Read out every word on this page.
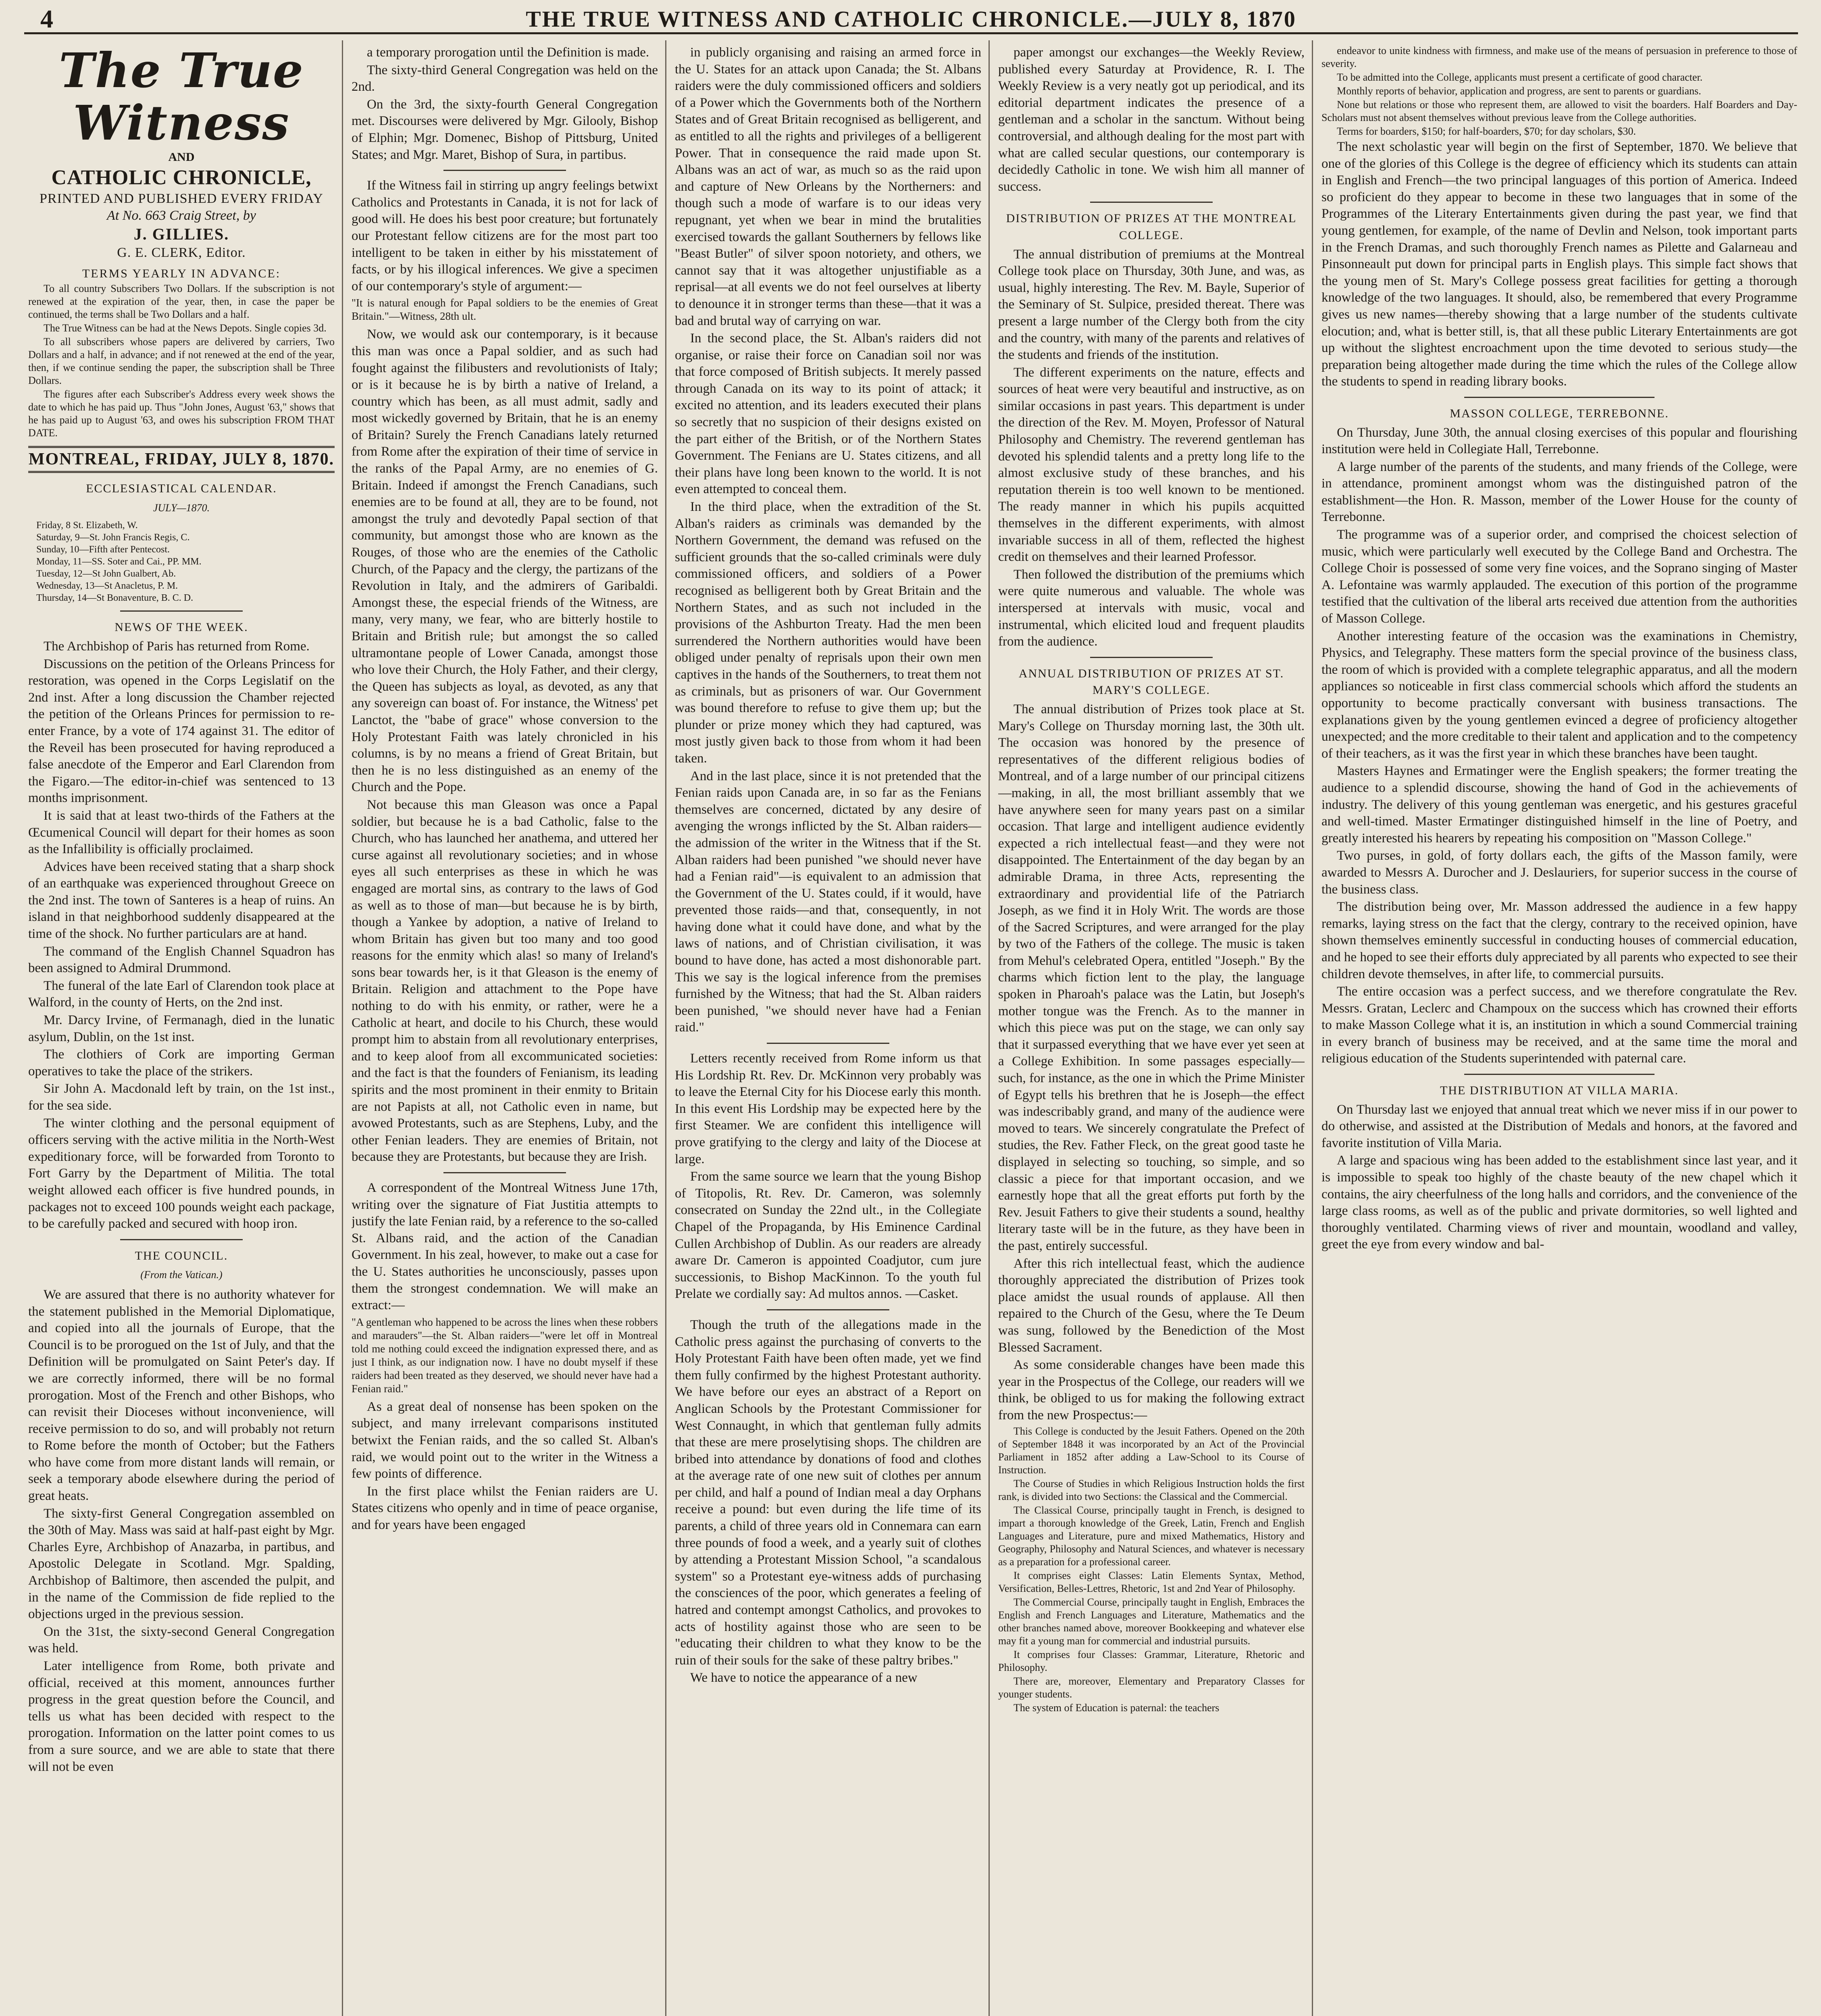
4	THE TRUE WITNESS AND CATHOLIC CHRONICLE.—JULY 8, 1870
The True Witness
AND
CATHOLIC CHRONICLE,
PRINTED AND PUBLISHED EVERY FRIDAY
At No. 663 Craig Street, by
J. GILLIES.
G. E. CLERK, Editor.
TERMS YEARLY IN ADVANCE:

To all country Subscribers Two Dollars. If the subscription is not renewed at the expiration of the year, then, in case the paper be continued, the terms shall be Two Dollars and a half.

The True Witness can be had at the News Depots. Single copies 3d.

To all subscribers whose papers are delivered by carriers, Two Dollars and a half, in advance; and if not renewed at the end of the year, then, if we continue sending the paper, the subscription shall be Three Dollars.

The figures after each Subscriber's Address every week shows the date to which he has paid up. Thus "John Jones, August '63," shows that he has paid up to August '63, and owes his subscription FROM THAT DATE.

MONTREAL, FRIDAY, JULY 8, 1870.
ECCLESIASTICAL CALENDAR.
JULY—1870.
Friday, 8 St. Elizabeth, W.
Saturday, 9—St. John Francis Regis, C.
Sunday, 10—Fifth after Pentecost.
Monday, 11—SS. Soter and Cai., PP. MM.
Tuesday, 12—St John Gualbert, Ab.
Wednesday, 13—St Anacletus, P. M.
Thursday, 14—St Bonaventure, B. C. D.
NEWS OF THE WEEK.

The Archbishop of Paris has returned from Rome.

Discussions on the petition of the Orleans Princess for restoration, was opened in the Corps Legislatif on the 2nd inst. After a long discussion the Chamber rejected the petition of the Orleans Princes for permission to re-enter France, by a vote of 174 against 31. The editor of the Reveil has been prosecuted for having reproduced a false anecdote of the Emperor and Earl Clarendon from the Figaro.—The editor-in-chief was sentenced to 13 months imprisonment.

It is said that at least two-thirds of the Fathers at the Œcumenical Council will depart for their homes as soon as the Infallibility is officially proclaimed.

Advices have been received stating that a sharp shock of an earthquake was experienced throughout Greece on the 2nd inst. The town of Santeres is a heap of ruins. An island in that neighborhood suddenly disappeared at the time of the shock. No further particulars are at hand.

The command of the English Channel Squadron has been assigned to Admiral Drummond.

The funeral of the late Earl of Clarendon took place at Walford, in the county of Herts, on the 2nd inst.

Mr. Darcy Irvine, of Fermanagh, died in the lunatic asylum, Dublin, on the 1st inst.

The clothiers of Cork are importing German operatives to take the place of the strikers.

Sir John A. Macdonald left by train, on the 1st inst., for the sea side.

The winter clothing and the personal equipment of officers serving with the active militia in the North-West expeditionary force, will be forwarded from Toronto to Fort Garry by the Department of Militia. The total weight allowed each officer is five hundred pounds, in packages not to exceed 100 pounds weight each package, to be carefully packed and secured with hoop iron.

THE COUNCIL.
(From the Vatican.)

We are assured that there is no authority whatever for the statement published in the Memorial Diplomatique, and copied into all the journals of Europe, that the Council is to be prorogued on the 1st of July, and that the Definition will be promulgated on Saint Peter's day. If we are correctly informed, there will be no formal prorogation. Most of the French and other Bishops, who can revisit their Dioceses without inconvenience, will receive permission to do so, and will probably not return to Rome before the month of October; but the Fathers who have come from more distant lands will remain, or seek a temporary abode elsewhere during the period of great heats.

The sixty-first General Congregation assembled on the 30th of May. Mass was said at half-past eight by Mgr. Charles Eyre, Archbishop of Anazarba, in partibus, and Apostolic Delegate in Scotland. Mgr. Spalding, Archbishop of Baltimore, then ascended the pulpit, and in the name of the Commission de fide replied to the objections urged in the previous session.

On the 31st, the sixty-second General Congregation was held.

Later intelligence from Rome, both private and official, received at this moment, announces further progress in the great question before the Council, and tells us what has been decided with respect to the prorogation. Information on the latter point comes to us from a sure source, and we are able to state that there will not be even

a temporary prorogation until the Definition is made.

The sixty-third General Congregation was held on the 2nd.

On the 3rd, the sixty-fourth General Congregation met. Discourses were delivered by Mgr. Gilooly, Bishop of Elphin; Mgr. Domenec, Bishop of Pittsburg, United States; and Mgr. Maret, Bishop of Sura, in partibus.

If the Witness fail in stirring up angry feelings betwixt Catholics and Protestants in Canada, it is not for lack of good will. He does his best poor creature; but fortunately our Protestant fellow citizens are for the most part too intelligent to be taken in either by his misstatement of facts, or by his illogical inferences. We give a specimen of our contemporary's style of argument:—

"It is natural enough for Papal soldiers to be the enemies of Great Britain."—Witness, 28th ult.

Now, we would ask our contemporary, is it because this man was once a Papal soldier, and as such had fought against the filibusters and revolutionists of Italy; or is it because he is by birth a native of Ireland, a country which has been, as all must admit, sadly and most wickedly governed by Britain, that he is an enemy of Britain? Surely the French Canadians lately returned from Rome after the expiration of their time of service in the ranks of the Papal Army, are no enemies of G. Britain. Indeed if amongst the French Canadians, such enemies are to be found at all, they are to be found, not amongst the truly and devotedly Papal section of that community, but amongst those who are known as the Rouges, of those who are the enemies of the Catholic Church, of the Papacy and the clergy, the partizans of the Revolution in Italy, and the admirers of Garibaldi. Amongst these, the especial friends of the Witness, are many, very many, we fear, who are bitterly hostile to Britain and British rule; but amongst the so called ultramontane people of Lower Canada, amongst those who love their Church, the Holy Father, and their clergy, the Queen has subjects as loyal, as devoted, as any that any sovereign can boast of. For instance, the Witness' pet Lanctot, the "babe of grace" whose conversion to the Holy Protestant Faith was lately chronicled in his columns, is by no means a friend of Great Britain, but then he is no less distinguished as an enemy of the Church and the Pope.

Not because this man Gleason was once a Papal soldier, but because he is a bad Catholic, false to the Church, who has launched her anathema, and uttered her curse against all revolutionary societies; and in whose eyes all such enterprises as these in which he was engaged are mortal sins, as contrary to the laws of God as well as to those of man—but because he is by birth, though a Yankee by adoption, a native of Ireland to whom Britain has given but too many and too good reasons for the enmity which alas! so many of Ireland's sons bear towards her, is it that Gleason is the enemy of Britain. Religion and attachment to the Pope have nothing to do with his enmity, or rather, were he a Catholic at heart, and docile to his Church, these would prompt him to abstain from all revolutionary enterprises, and to keep aloof from all excommunicated societies: and the fact is that the founders of Fenianism, its leading spirits and the most prominent in their enmity to Britain are not Papists at all, not Catholic even in name, but avowed Protestants, such as are Stephens, Luby, and the other Fenian leaders. They are enemies of Britain, not because they are Protestants, but because they are Irish.

A correspondent of the Montreal Witness June 17th, writing over the signature of Fiat Justitia attempts to justify the late Fenian raid, by a reference to the so-called St. Albans raid, and the action of the Canadian Government. In his zeal, however, to make out a case for the U. States authorities he unconsciously, passes upon them the strongest condemnation. We will make an extract:—

"A gentleman who happened to be across the lines when these robbers and marauders"—the St. Alban raiders—"were let off in Montreal told me nothing could exceed the indignation expressed there, and as just I think, as our indignation now. I have no doubt myself if these raiders had been treated as they deserved, we should never have had a Fenian raid."

As a great deal of nonsense has been spoken on the subject, and many irrelevant comparisons instituted betwixt the Fenian raids, and the so called St. Alban's raid, we would point out to the writer in the Witness a few points of difference.

In the first place whilst the Fenian raiders are U. States citizens who openly and in time of peace organise, and for years have been engaged

in publicly organising and raising an armed force in the U. States for an attack upon Canada; the St. Albans raiders were the duly commissioned officers and soldiers of a Power which the Governments both of the Northern States and of Great Britain recognised as belligerent, and as entitled to all the rights and privileges of a belligerent Power. That in consequence the raid made upon St. Albans was an act of war, as much so as the raid upon and capture of New Orleans by the Northerners: and though such a mode of warfare is to our ideas very repugnant, yet when we bear in mind the brutalities exercised towards the gallant Southerners by fellows like "Beast Butler" of silver spoon notoriety, and others, we cannot say that it was altogether unjustifiable as a reprisal—at all events we do not feel ourselves at liberty to denounce it in stronger terms than these—that it was a bad and brutal way of carrying on war.

In the second place, the St. Alban's raiders did not organise, or raise their force on Canadian soil nor was that force composed of British subjects. It merely passed through Canada on its way to its point of attack; it excited no attention, and its leaders executed their plans so secretly that no suspicion of their designs existed on the part either of the British, or of the Northern States Government. The Fenians are U. States citizens, and all their plans have long been known to the world. It is not even attempted to conceal them.

In the third place, when the extradition of the St. Alban's raiders as criminals was demanded by the Northern Government, the demand was refused on the sufficient grounds that the so-called criminals were duly commissioned officers, and soldiers of a Power recognised as belligerent both by Great Britain and the Northern States, and as such not included in the provisions of the Ashburton Treaty. Had the men been surrendered the Northern authorities would have been obliged under penalty of reprisals upon their own men captives in the hands of the Southerners, to treat them not as criminals, but as prisoners of war. Our Government was bound therefore to refuse to give them up; but the plunder or prize money which they had captured, was most justly given back to those from whom it had been taken.

And in the last place, since it is not pretended that the Fenian raids upon Canada are, in so far as the Fenians themselves are concerned, dictated by any desire of avenging the wrongs inflicted by the St. Alban raiders—the admission of the writer in the Witness that if the St. Alban raiders had been punished "we should never have had a Fenian raid"—is equivalent to an admission that the Government of the U. States could, if it would, have prevented those raids—and that, consequently, in not having done what it could have done, and what by the laws of nations, and of Christian civilisation, it was bound to have done, has acted a most dishonorable part. This we say is the logical inference from the premises furnished by the Witness; that had the St. Alban raiders been punished, "we should never have had a Fenian raid."

Letters recently received from Rome inform us that His Lordship Rt. Rev. Dr. McKinnon very probably was to leave the Eternal City for his Diocese early this month. In this event His Lordship may be expected here by the first Steamer. We are confident this intelligence will prove gratifying to the clergy and laity of the Diocese at large.

From the same source we learn that the young Bishop of Titopolis, Rt. Rev. Dr. Cameron, was solemnly consecrated on Sunday the 22nd ult., in the Collegiate Chapel of the Propaganda, by His Eminence Cardinal Cullen Archbishop of Dublin. As our readers are already aware Dr. Cameron is appointed Coadjutor, cum jure successionis, to Bishop MacKinnon. To the youth ful Prelate we cordially say: Ad multos annos. —Casket.

Though the truth of the allegations made in the Catholic press against the purchasing of converts to the Holy Protestant Faith have been often made, yet we find them fully confirmed by the highest Protestant authority. We have before our eyes an abstract of a Report on Anglican Schools by the Protestant Commissioner for West Connaught, in which that gentleman fully admits that these are mere proselytising shops. The children are bribed into attendance by donations of food and clothes at the average rate of one new suit of clothes per annum per child, and half a pound of Indian meal a day Orphans receive a pound: but even during the life time of its parents, a child of three years old in Connemara can earn three pounds of food a week, and a yearly suit of clothes by attending a Protestant Mission School, "a scandalous system" so a Protestant eye-witness adds of purchasing the consciences of the poor, which generates a feeling of hatred and contempt amongst Catholics, and provokes to acts of hostility against those who are seen to be "educating their children to what they know to be the ruin of their souls for the sake of these paltry bribes."

We have to notice the appearance of a new

paper amongst our exchanges—the Weekly Review, published every Saturday at Providence, R. I. The Weekly Review is a very neatly got up periodical, and its editorial department indicates the presence of a gentleman and a scholar in the sanctum. Without being controversial, and although dealing for the most part with what are called secular questions, our contemporary is decidedly Catholic in tone. We wish him all manner of success.

DISTRIBUTION OF PRIZES AT THE MONTREAL COLLEGE.

The annual distribution of premiums at the Montreal College took place on Thursday, 30th June, and was, as usual, highly interesting. The Rev. M. Bayle, Superior of the Seminary of St. Sulpice, presided thereat. There was present a large number of the Clergy both from the city and the country, with many of the parents and relatives of the students and friends of the institution.

The different experiments on the nature, effects and sources of heat were very beautiful and instructive, as on similar occasions in past years. This department is under the direction of the Rev. M. Moyen, Professor of Natural Philosophy and Chemistry. The reverend gentleman has devoted his splendid talents and a pretty long life to the almost exclusive study of these branches, and his reputation therein is too well known to be mentioned. The ready manner in which his pupils acquitted themselves in the different experiments, with almost invariable success in all of them, reflected the highest credit on themselves and their learned Professor.

Then followed the distribution of the premiums which were quite numerous and valuable. The whole was interspersed at intervals with music, vocal and instrumental, which elicited loud and frequent plaudits from the audience.

ANNUAL DISTRIBUTION OF PRIZES AT ST. MARY'S COLLEGE.

The annual distribution of Prizes took place at St. Mary's College on Thursday morning last, the 30th ult. The occasion was honored by the presence of representatives of the different religious bodies of Montreal, and of a large number of our principal citizens—making, in all, the most brilliant assembly that we have anywhere seen for many years past on a similar occasion. That large and intelligent audience evidently expected a rich intellectual feast—and they were not disappointed. The Entertainment of the day began by an admirable Drama, in three Acts, representing the extraordinary and providential life of the Patriarch Joseph, as we find it in Holy Writ. The words are those of the Sacred Scriptures, and were arranged for the play by two of the Fathers of the college. The music is taken from Mehul's celebrated Opera, entitled "Joseph." By the charms which fiction lent to the play, the language spoken in Pharoah's palace was the Latin, but Joseph's mother tongue was the French. As to the manner in which this piece was put on the stage, we can only say that it surpassed everything that we have ever yet seen at a College Exhibition. In some passages especially—such, for instance, as the one in which the Prime Minister of Egypt tells his brethren that he is Joseph—the effect was indescribably grand, and many of the audience were moved to tears. We sincerely congratulate the Prefect of studies, the Rev. Father Fleck, on the great good taste he displayed in selecting so touching, so simple, and so classic a piece for that important occasion, and we earnestly hope that all the great efforts put forth by the Rev. Jesuit Fathers to give their students a sound, healthy literary taste will be in the future, as they have been in the past, entirely successful.

After this rich intellectual feast, which the audience thoroughly appreciated the distribution of Prizes took place amidst the usual rounds of applause. All then repaired to the Church of the Gesu, where the Te Deum was sung, followed by the Benediction of the Most Blessed Sacrament.

As some considerable changes have been made this year in the Prospectus of the College, our readers will we think, be obliged to us for making the following extract from the new Prospectus:—

This College is conducted by the Jesuit Fathers. Opened on the 20th of September 1848 it was incorporated by an Act of the Provincial Parliament in 1852 after adding a Law-School to its Course of Instruction.

The Course of Studies in which Religious Instruction holds the first rank, is divided into two Sections: the Classical and the Commercial.

The Classical Course, principally taught in French, is designed to impart a thorough knowledge of the Greek, Latin, French and English Languages and Literature, pure and mixed Mathematics, History and Geography, Philosophy and Natural Sciences, and whatever is necessary as a preparation for a professional career.

It comprises eight Classes: Latin Elements Syntax, Method, Versification, Belles-Lettres, Rhetoric, 1st and 2nd Year of Philosophy.

The Commercial Course, principally taught in English, Embraces the English and French Languages and Literature, Mathematics and the other branches named above, moreover Bookkeeping and whatever else may fit a young man for commercial and industrial pursuits.

It comprises four Classes: Grammar, Literature, Rhetoric and Philosophy.

There are, moreover, Elementary and Preparatory Classes for younger students.

The system of Education is paternal: the teachers

endeavor to unite kindness with firmness, and make use of the means of persuasion in preference to those of severity.

To be admitted into the College, applicants must present a certificate of good character.

Monthly reports of behavior, application and progress, are sent to parents or guardians.

None but relations or those who represent them, are allowed to visit the boarders. Half Boarders and Day-Scholars must not absent themselves without previous leave from the College authorities.

Terms for boarders, $150; for half-boarders, $70; for day scholars, $30.

The next scholastic year will begin on the first of September, 1870. We believe that one of the glories of this College is the degree of efficiency which its students can attain in English and French—the two principal languages of this portion of America. Indeed so proficient do they appear to become in these two languages that in some of the Programmes of the Literary Entertainments given during the past year, we find that young gentlemen, for example, of the name of Devlin and Nelson, took important parts in the French Dramas, and such thoroughly French names as Pilette and Galarneau and Pinsonneault put down for principal parts in English plays. This simple fact shows that the young men of St. Mary's College possess great facilities for getting a thorough knowledge of the two languages. It should, also, be remembered that every Programme gives us new names—thereby showing that a large number of the students cultivate elocution; and, what is better still, is, that all these public Literary Entertainments are got up without the slightest encroachment upon the time devoted to serious study—the preparation being altogether made during the time which the rules of the College allow the students to spend in reading library books.

MASSON COLLEGE, TERREBONNE.

On Thursday, June 30th, the annual closing exercises of this popular and flourishing institution were held in Collegiate Hall, Terrebonne.

A large number of the parents of the students, and many friends of the College, were in attendance, prominent amongst whom was the distinguished patron of the establishment—the Hon. R. Masson, member of the Lower House for the county of Terrebonne.

The programme was of a superior order, and comprised the choicest selection of music, which were particularly well executed by the College Band and Orchestra. The College Choir is possessed of some very fine voices, and the Soprano singing of Master A. Lefontaine was warmly applauded. The execution of this portion of the programme testified that the cultivation of the liberal arts received due attention from the authorities of Masson College.

Another interesting feature of the occasion was the examinations in Chemistry, Physics, and Telegraphy. These matters form the special province of the business class, the room of which is provided with a complete telegraphic apparatus, and all the modern appliances so noticeable in first class commercial schools which afford the students an opportunity to become practically conversant with business transactions. The explanations given by the young gentlemen evinced a degree of proficiency altogether unexpected; and the more creditable to their talent and application and to the competency of their teachers, as it was the first year in which these branches have been taught.

Masters Haynes and Ermatinger were the English speakers; the former treating the audience to a splendid discourse, showing the hand of God in the achievements of industry. The delivery of this young gentleman was energetic, and his gestures graceful and well-timed. Master Ermatinger distinguished himself in the line of Poetry, and greatly interested his hearers by repeating his composition on "Masson College."

Two purses, in gold, of forty dollars each, the gifts of the Masson family, were awarded to Messrs A. Durocher and J. Deslauriers, for superior success in the course of the business class.

The distribution being over, Mr. Masson addressed the audience in a few happy remarks, laying stress on the fact that the clergy, contrary to the received opinion, have shown themselves eminently successful in conducting houses of commercial education, and he hoped to see their efforts duly appreciated by all parents who expected to see their children devote themselves, in after life, to commercial pursuits.

The entire occasion was a perfect success, and we therefore congratulate the Rev. Messrs. Gratan, Leclerc and Champoux on the success which has crowned their efforts to make Masson College what it is, an institution in which a sound Commercial training in every branch of business may be received, and at the same time the moral and religious education of the Students superintended with paternal care.

THE DISTRIBUTION AT VILLA MARIA.

On Thursday last we enjoyed that annual treat which we never miss if in our power to do otherwise, and assisted at the Distribution of Medals and honors, at the favored and favorite institution of Villa Maria.

A large and spacious wing has been added to the establishment since last year, and it is impossible to speak too highly of the chaste beauty of the new chapel which it contains, the airy cheerfulness of the long halls and corridors, and the convenience of the large class rooms, as well as of the public and private dormitories, so well lighted and thoroughly ventilated. Charming views of river and mountain, woodland and valley, greet the eye from every window and bal-
